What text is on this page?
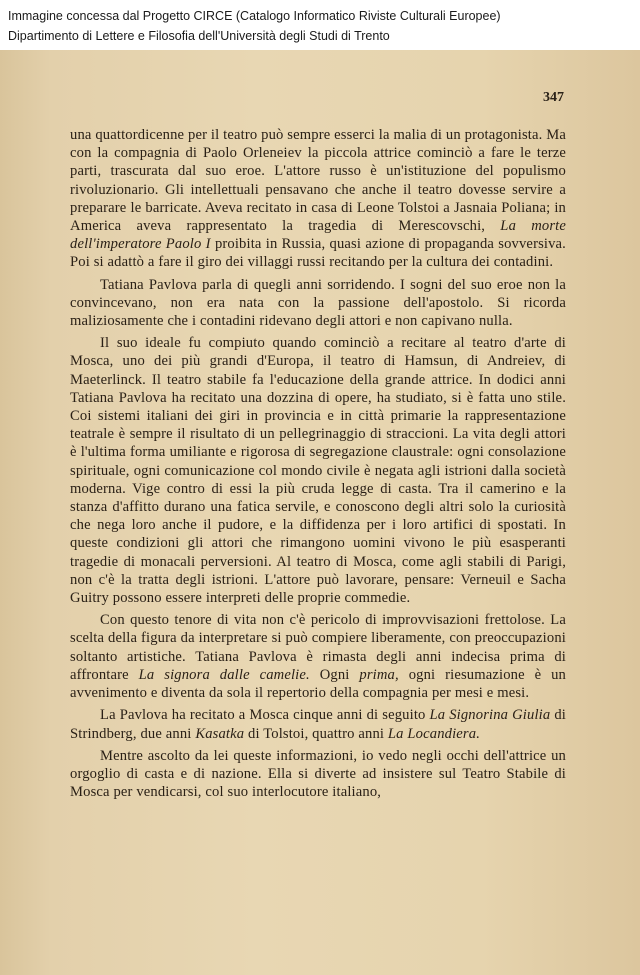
Immagine concessa dal Progetto CIRCE (Catalogo Informatico Riviste Culturali Europee)
Dipartimento di Lettere e Filosofia dell'Università degli Studi di Trento
347

una quattordicenne per il teatro può sempre esserci la malia di un protagonista. Ma con la compagnia di Paolo Orleneiev la piccola attrice cominciò a fare le terze parti, trascurata dal suo eroe. L'attore russo è un'istituzione del populismo rivoluzionario. Gli intellettuali pensavano che anche il teatro dovesse servire a preparare le barricate. Aveva recitato in casa di Leone Tolstoi a Jasnaia Poliana; in America aveva rappresentato la tragedia di Merescovschi, La morte dell'imperatore Paolo I proibita in Russia, quasi azione di propaganda sovversiva. Poi si adattò a fare il giro dei villaggi russi recitando per la cultura dei contadini.

Tatiana Pavlova parla di quegli anni sorridendo. I sogni del suo eroe non la convincevano, non era nata con la passione dell'apostolo. Si ricorda maliziosamente che i contadini ridevano degli attori e non capivano nulla.

Il suo ideale fu compiuto quando cominciò a recitare al teatro d'arte di Mosca, uno dei più grandi d'Europa, il teatro di Hamsun, di Andreiev, di Maeterlinck. Il teatro stabile fa l'educazione della grande attrice. In dodici anni Tatiana Pavlova ha recitato una dozzina di opere, ha studiato, si è fatta uno stile. Coi sistemi italiani dei giri in provincia e in città primarie la rappresentazione teatrale è sempre il risultato di un pellegrinaggio di straccioni. La vita degli attori è l'ultima forma umiliante e rigorosa di segregazione claustrale: ogni consolazione spirituale, ogni comunicazione col mondo civile è negata agli istrioni dalla società moderna. Vige contro di essi la più cruda legge di casta. Tra il camerino e la stanza d'affitto durano una fatica servile, e conoscono degli altri solo la curiosità che nega loro anche il pudore, e la diffidenza per i loro artifici di spostati. In queste condizioni gli attori che rimangono uomini vivono le più esasperanti tragedie di monacali perversioni. Al teatro di Mosca, come agli stabili di Parigi, non c'è la tratta degli istrioni. L'attore può lavorare, pensare: Verneuil e Sacha Guitry possono essere interpreti delle proprie commedie.

Con questo tenore di vita non c'è pericolo di improvvisazioni frettolose. La scelta della figura da interpretare si può compiere liberamente, con preoccupazioni soltanto artistiche. Tatiana Pavlova è rimasta degli anni indecisa prima di affrontare La signora dalle camelie. Ogni prima, ogni riesumazione è un avvenimento e diventa da sola il repertorio della compagnia per mesi e mesi.

La Pavlova ha recitato a Mosca cinque anni di seguito La Signorina Giulia di Strindberg, due anni Kasatka di Tolstoi, quattro anni La Locandiera.

Mentre ascolto da lei queste informazioni, io vedo negli occhi dell'attrice un orgoglio di casta e di nazione. Ella si diverte ad insistere sul Teatro Stabile di Mosca per vendicarsi, col suo interlocutore italiano,
